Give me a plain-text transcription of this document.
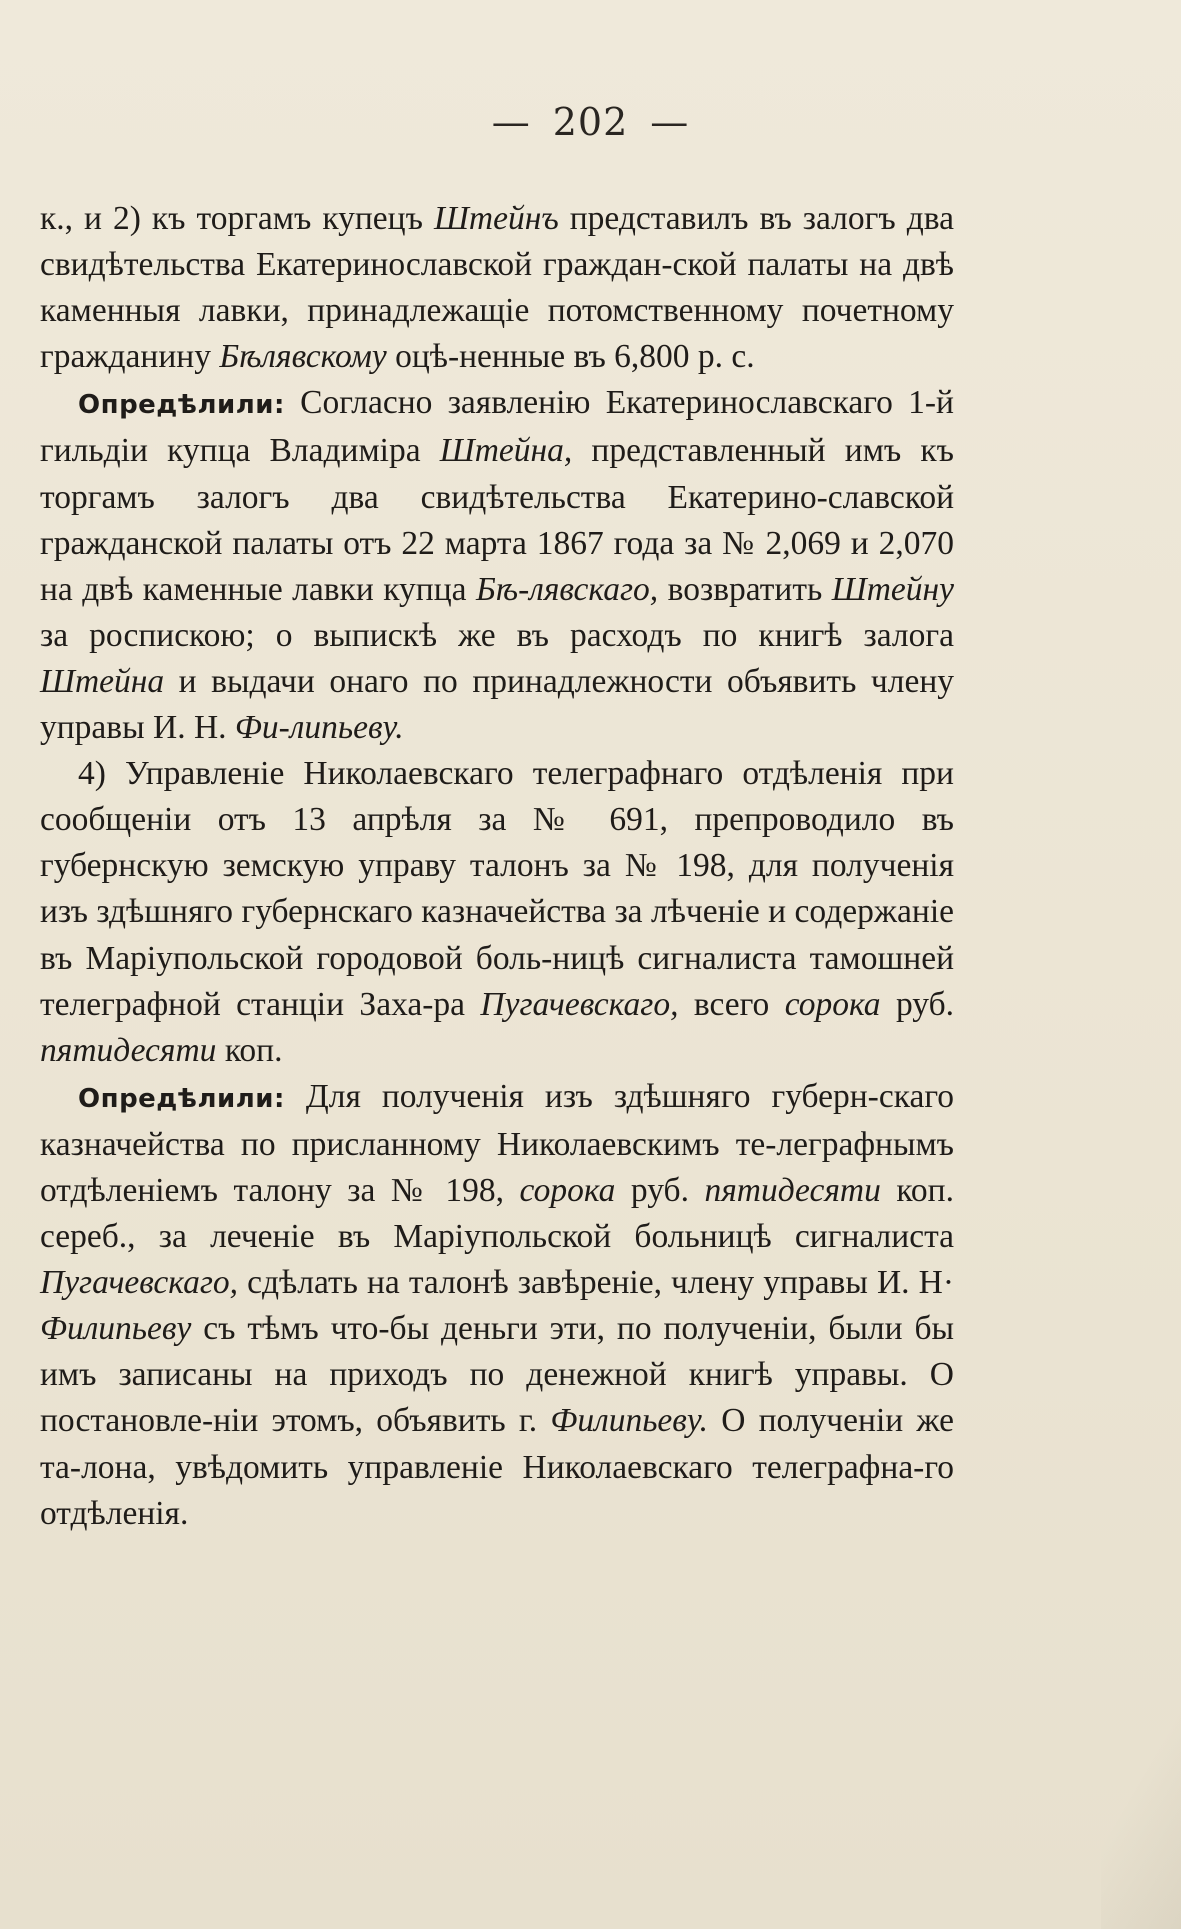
— 202 —

к., и 2) къ торгамъ купецъ Штейнъ представилъ въ залогъ два свидѣтельства Екатеринославской граждан-ской палаты на двѣ каменныя лавки, принадлежащіе потомственному почетному гражданину Бѣлявскому оцѣ-ненные въ 6,800 р. с.

Опредѣлили: Согласно заявленію Екатеринославскаго 1-й гильдіи купца Владиміра Штейна, представленный имъ къ торгамъ залогъ два свидѣтельства Екатерино-славской гражданской палаты отъ 22 марта 1867 года за № 2,069 и 2,070 на двѣ каменные лавки купца Бѣ-лявскаго, возвратить Штейну за роспискою; о выпискѣ же въ расходъ по книгѣ залога Штейна и выдачи онаго по принадлежности объявить члену управы И. Н. Фи-липьеву.

4) Управленіе Николаевскаго телеграфнаго отдѣленія при сообщеніи отъ 13 апрѣля за № 691, препроводило въ губернскую земскую управу талонъ за № 198, для полученія изъ здѣшняго губернскаго казначейства за лѣченіе и содержаніе въ Маріупольской городовой боль-ницѣ сигналиста тамошней телеграфной станціи Заха-ра Пугачевскаго, всего сорока руб. пятидесяти коп.

Опредѣлили: Для полученія изъ здѣшняго губерн-скаго казначейства по присланному Николаевскимъ те-леграфнымъ отдѣленіемъ талону за № 198, сорока руб. пятидесяти коп. сереб., за леченіе въ Маріупольской больницѣ сигналиста Пугачевскаго, сдѣлать на талонѣ завѣреніе, члену управы И. Н· Филипьеву съ тѣмъ что-бы деньги эти, по полученіи, были бы имъ записаны на приходъ по денежной книгѣ управы. О постановле-ніи этомъ, объявить г. Филипьеву. О полученіи же та-лона, увѣдомить управленіе Николаевскаго телеграфна-го отдѣленія.
